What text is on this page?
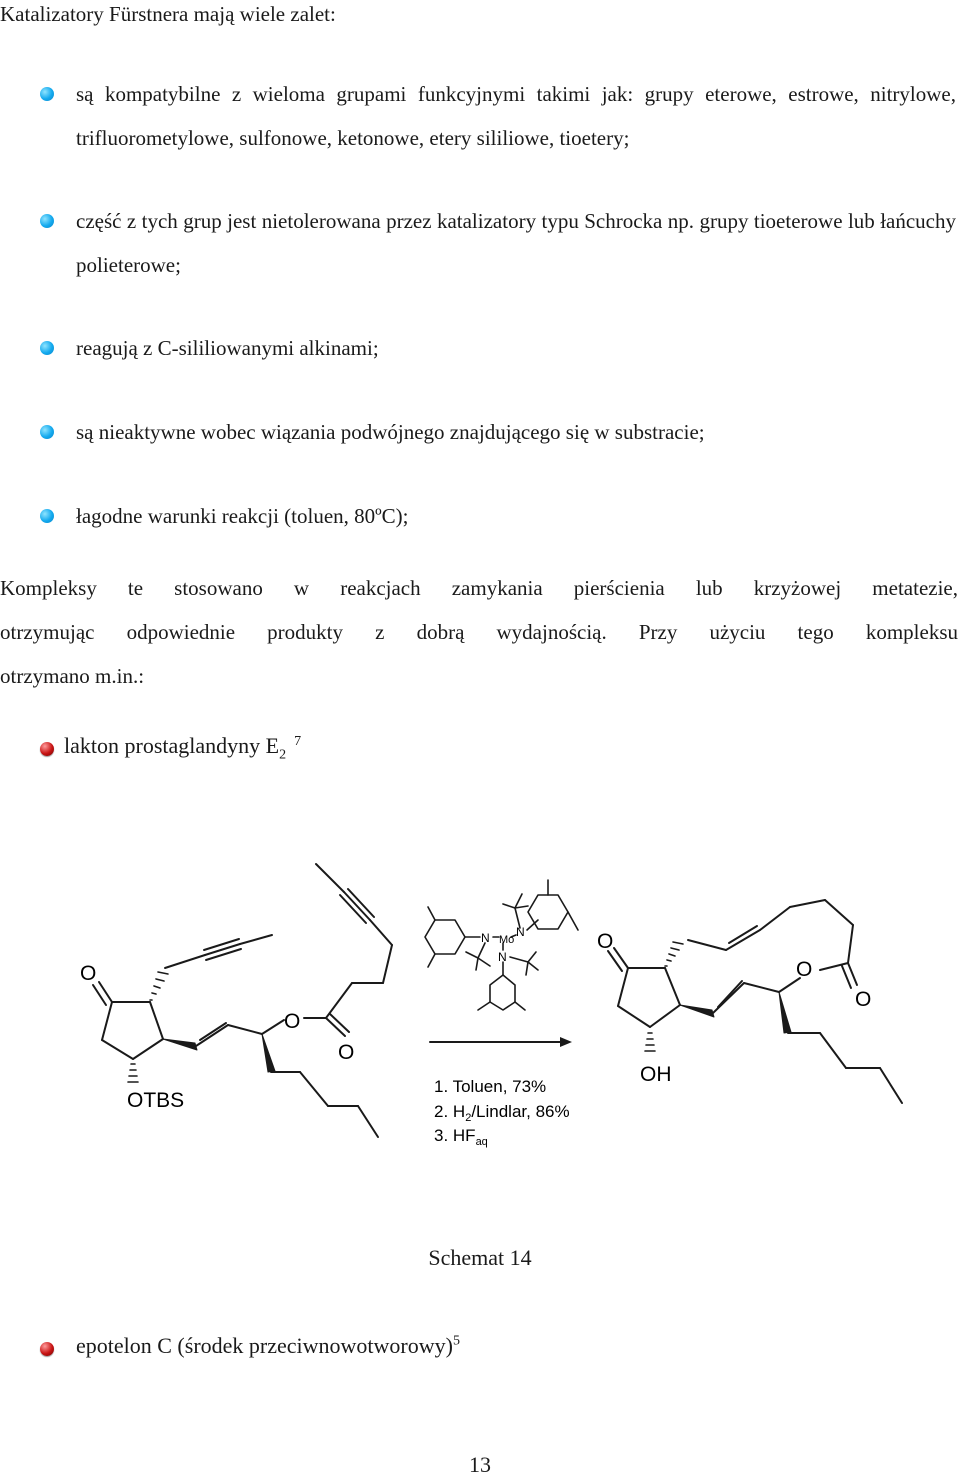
Katalizatory Fürstnera mają wiele zalet:
są kompatybilne z wieloma grupami funkcyjnymi takimi jak: grupy eterowe, estrowe, nitrylowe, trifluorometylowe, sulfonowe, ketonowe, etery sililiowe, tioetery;
część z tych grup jest nietolerowana przez katalizatory typu Schrocka np. grupy tioeterowe lub łańcuchy polieterowe;
reagują z C-sililiowanymi alkinami;
są nieaktywne wobec wiązania podwójnego znajdującego się w substracie;
łagodne warunki reakcji (toluen, 80ºC);
Kompleksy te stosowano w reakcjach zamykania pierścienia lub krzyżowej metatezie,
otrzymując odpowiednie produkty z dobrą wydajnością. Przy użyciu tego kompleksu
otrzymano m.in.:
lakton prostaglandyny $E_2^7$
O
O
O
OTBS
N Mo
N
N
1. Toluen, 73%
2. $H_2$/Lindlar, 86%
3. $HF_{aq}$
O
O
O
OH
Schemat 14
epotelon C (środek przeciwnowotworowy)$^5$
13
